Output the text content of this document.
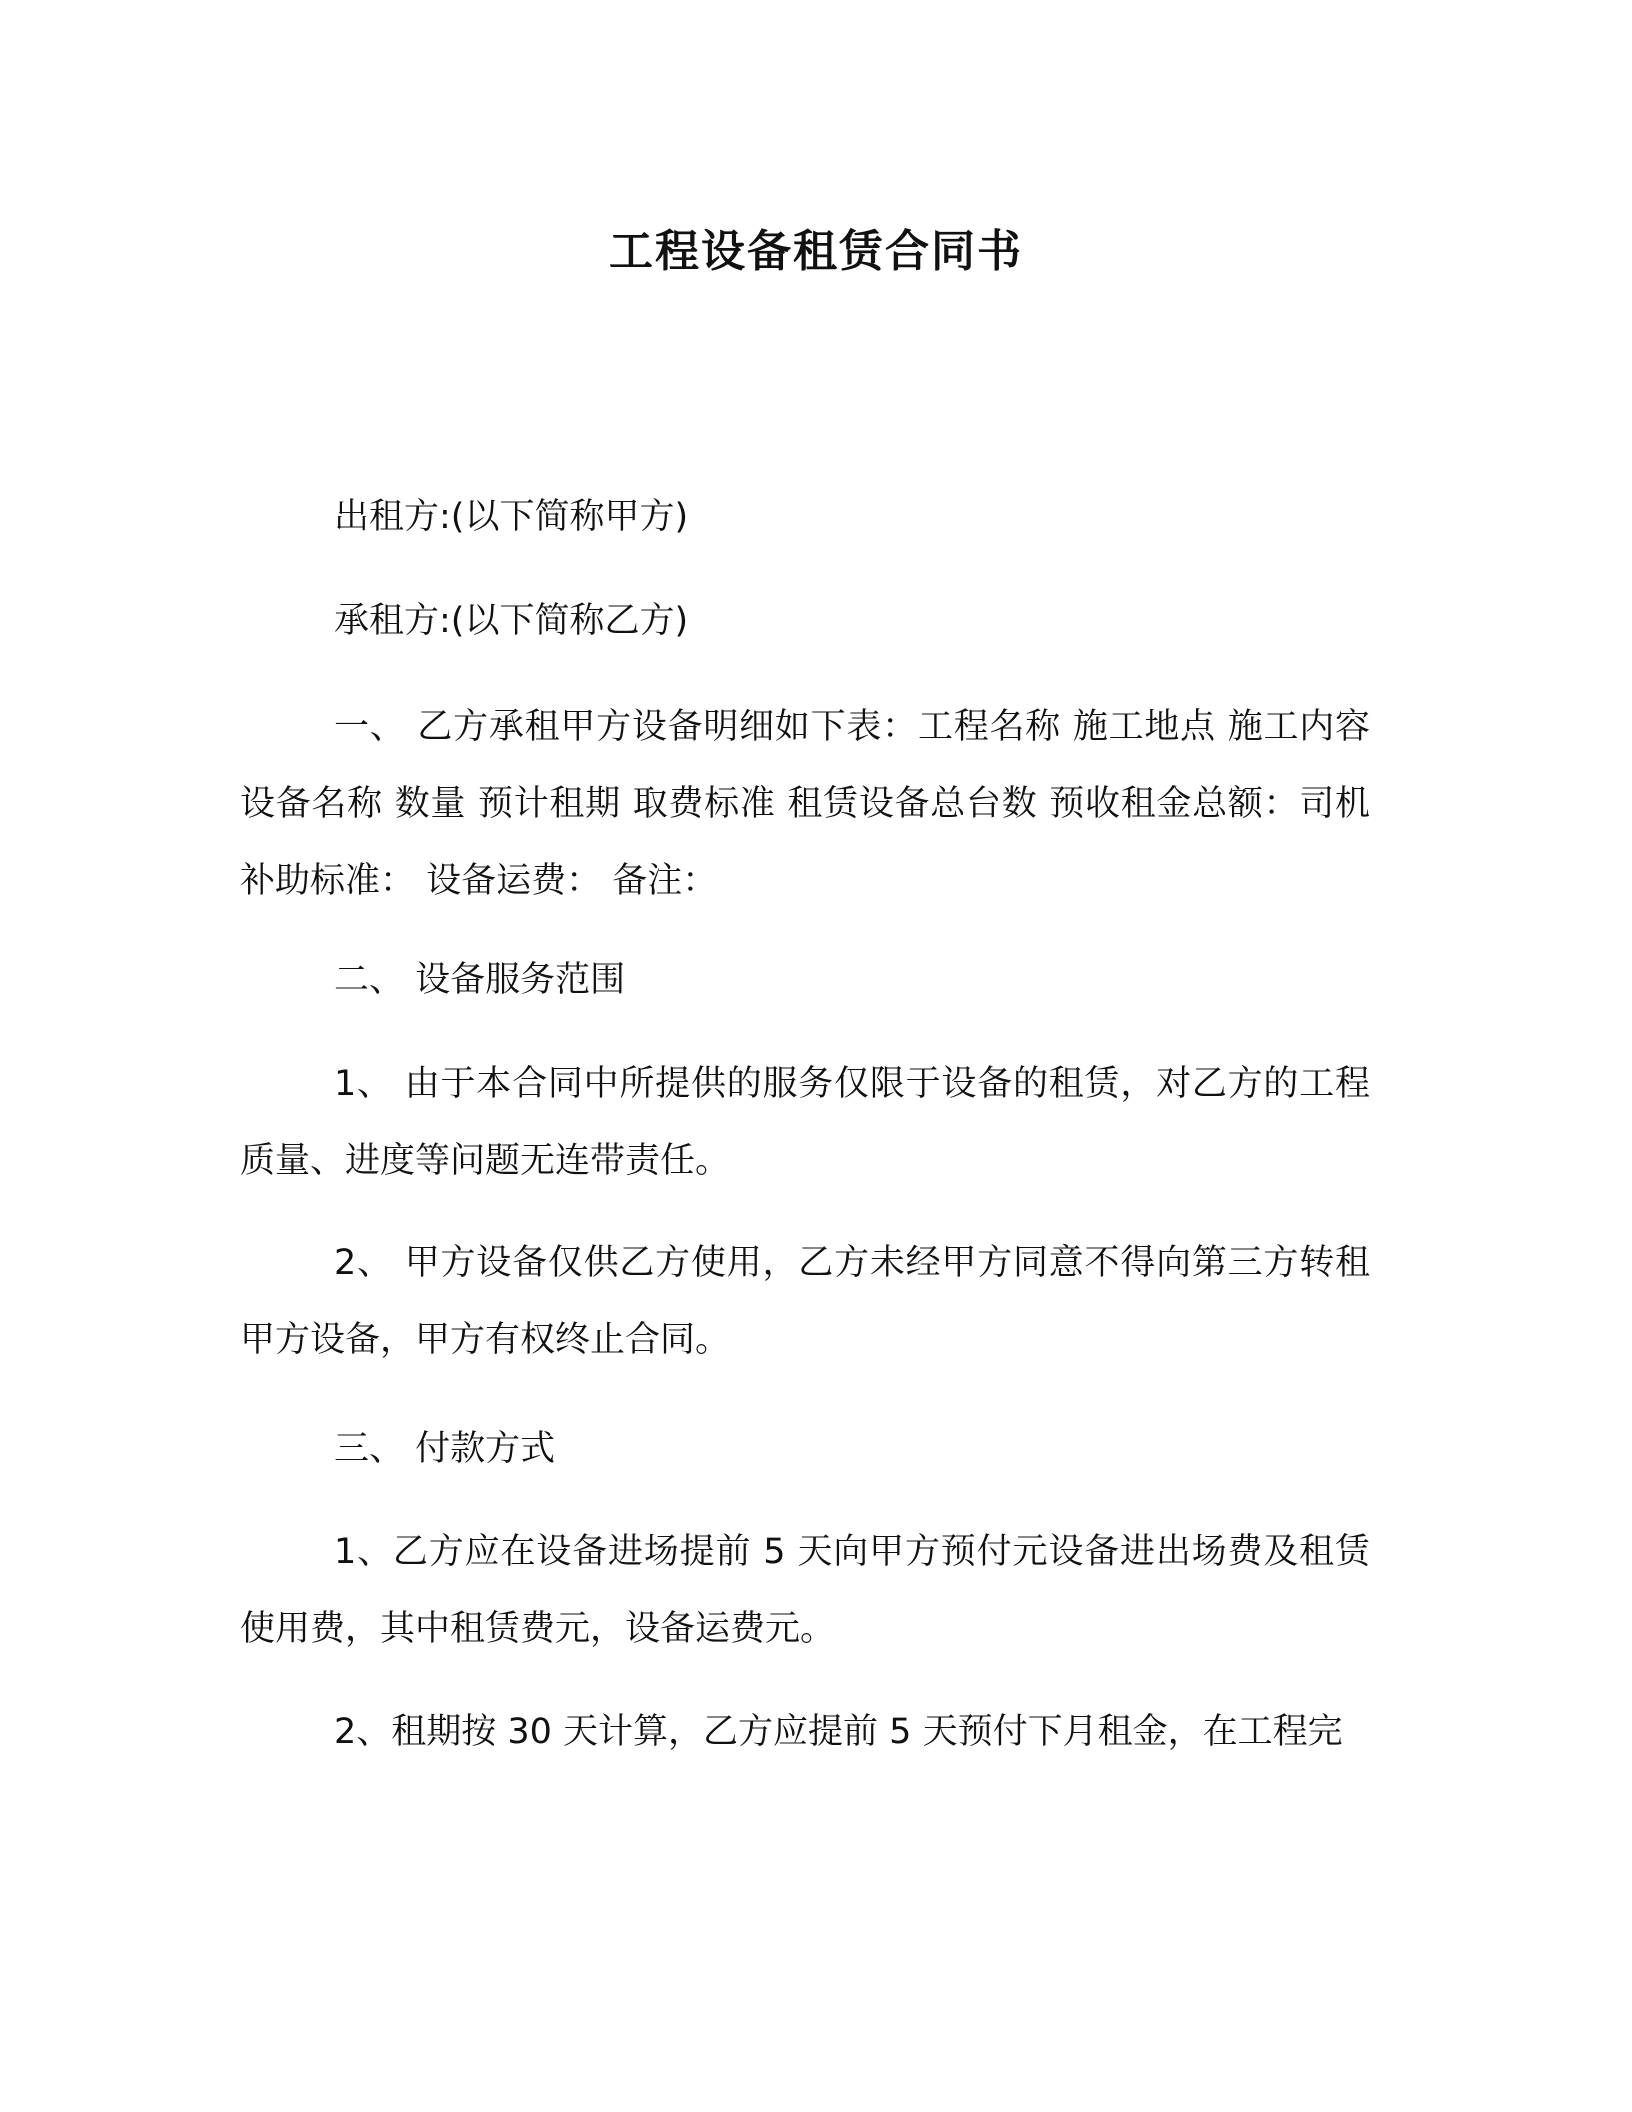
工程设备租赁合同书
出租方:(以下简称甲方)
承租方:(以下简称乙方)

一、 乙方承租甲方设备明细如下表：工程名称 施工地点 施工内容 设备名称 数量 预计租期 取费标准 租赁设备总台数 预收租金总额：司机补助标准： 设备运费： 备注：

二、 设备服务范围

1、 由于本合同中所提供的服务仅限于设备的租赁，对乙方的工程质量、进度等问题无连带责任。

2、 甲方设备仅供乙方使用，乙方未经甲方同意不得向第三方转租甲方设备，甲方有权终止合同。

三、 付款方式

1、乙方应在设备进场提前 5 天向甲方预付元设备进出场费及租赁使用费，其中租赁费元，设备运费元。

2、租期按 30 天计算，乙方应提前 5 天预付下月租金，在工程完
